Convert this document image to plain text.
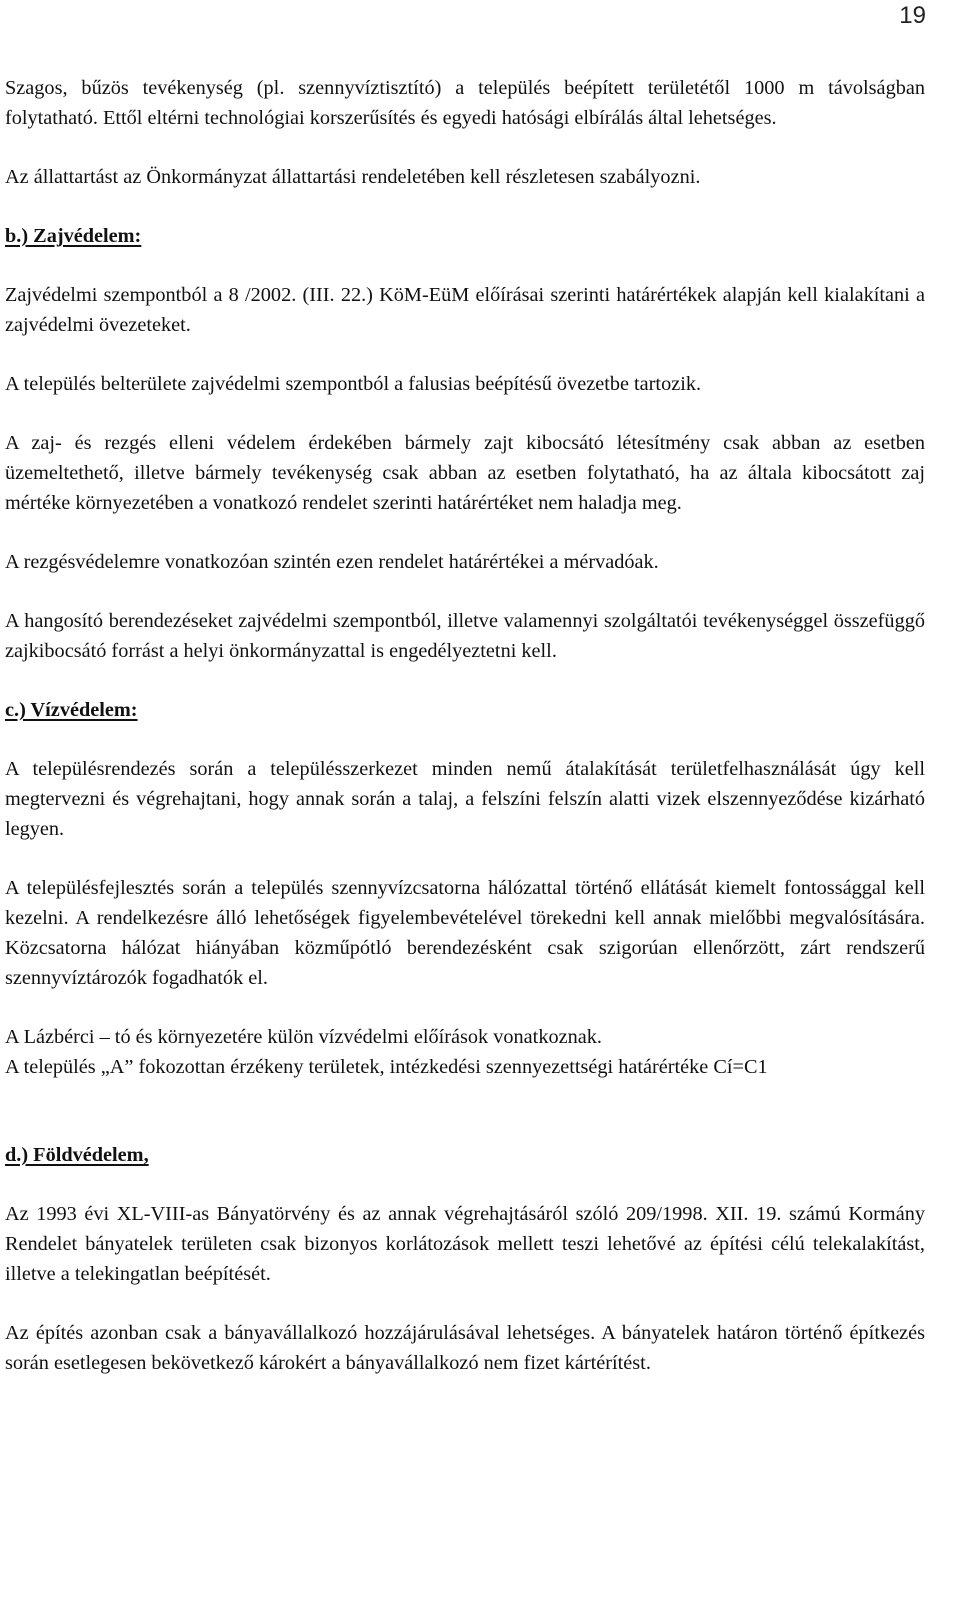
19

Szagos, bűzös tevékenység (pl. szennyvíztisztító) a település beépített területétől 1000 m távolságban folytatható. Ettől eltérni technológiai korszerűsítés és egyedi hatósági elbírálás által lehetséges.

Az állattartást az Önkormányzat állattartási rendeletében kell részletesen szabályozni.

b.) Zajvédelem:

Zajvédelmi szempontból a 8 /2002. (III. 22.) KöM-EüM előírásai szerinti határértékek alapján kell kialakítani a zajvédelmi övezeteket.

A település belterülete zajvédelmi szempontból a falusias beépítésű övezetbe tartozik.

A zaj- és rezgés elleni védelem érdekében bármely zajt kibocsátó létesítmény csak abban az esetben üzemeltethető, illetve bármely tevékenység csak abban az esetben folytatható, ha az általa kibocsátott zaj mértéke környezetében a vonatkozó rendelet szerinti határértéket nem haladja meg.

A rezgésvédelemre vonatkozóan szintén ezen rendelet határértékei a mérvadóak.

A hangosító berendezéseket zajvédelmi szempontból, illetve valamennyi szolgáltatói tevékenységgel összefüggő zajkibocsátó forrást a helyi önkormányzattal is engedélyeztetni kell.

c.) Vízvédelem:

A településrendezés során a településszerkezet minden nemű átalakítását területfelhasználását úgy kell megtervezni és végrehajtani, hogy annak során a talaj, a felszíni felszín alatti vizek elszennyeződése kizárható legyen.

A településfejlesztés során a település szennyvízcsatorna hálózattal történő ellátását kiemelt fontossággal kell kezelni. A rendelkezésre álló lehetőségek figyelembevételével törekedni kell annak mielőbbi megvalósítására. Közcsatorna hálózat hiányában közműpótló berendezésként csak szigorúan ellenőrzött, zárt rendszerű szennyvíztározók fogadhatók el.

A Lázbérci – tó és környezetére külön vízvédelmi előírások vonatkoznak.

A település „A” fokozottan érzékeny területek, intézkedési szennyezettségi határértéke Cí=C1

d.) Földvédelem,

Az 1993 évi XL-VIII-as Bányatörvény és az annak végrehajtásáról szóló 209/1998. XII. 19. számú Kormány Rendelet bányatelek területen csak bizonyos korlátozások mellett teszi lehetővé az építési célú telekalakítást, illetve a telekingatlan beépítését.

Az építés azonban csak a bányavállalkozó hozzájárulásával lehetséges. A bányatelek határon történő építkezés során esetlegesen bekövetkező károkért a bányavállalkozó nem fizet kártérítést.
